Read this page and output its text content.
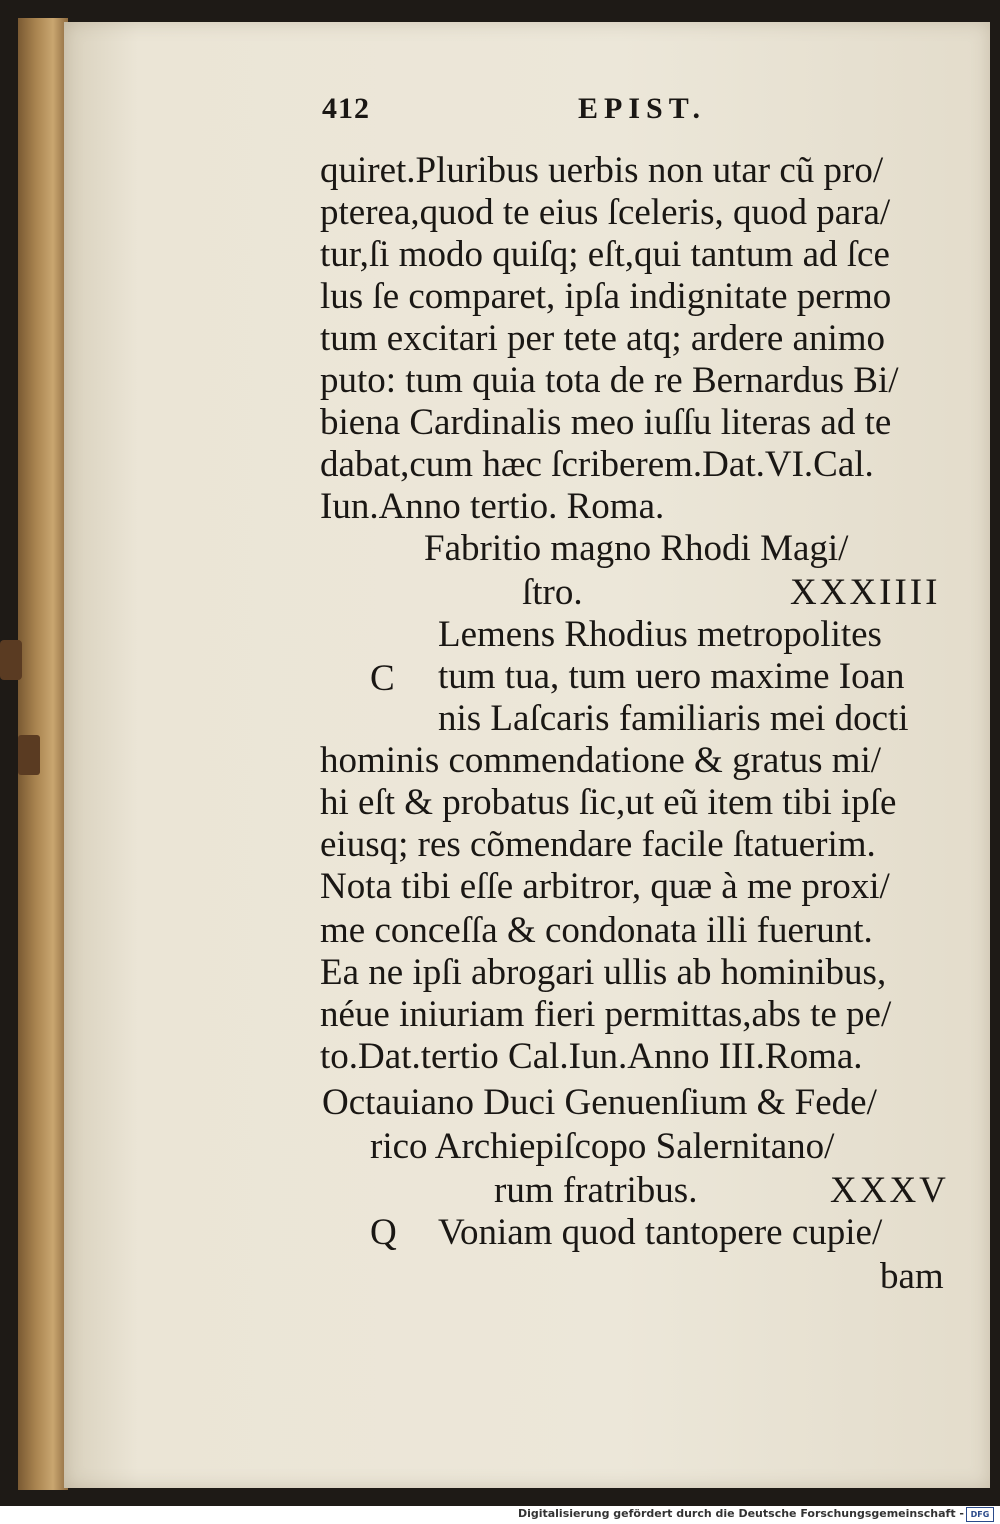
412	EPIST.
quiret.Pluribus uerbis non utar cũ pro/
pterea,quod te eius ſceleris, quod para/
tur,ſi modo quiſq; eſt,qui tantum ad ſce
lus ſe comparet, ipſa indignitate permo
tum excitari per tete atq; ardere animo
puto: tum quia tota de re Bernardus Bi/
biena Cardinalis meo iuſſu literas ad te
dabat,cum hæc ſcriberem.Dat.VI.Cal.
Iun.Anno tertio. Roma.
Fabritio magno Rhodi Magi/
ſtro.	XXXIIII
C
Lemens Rhodius metropolites
tum tua, tum uero maxime Ioan
nis Laſcaris familiaris mei docti
hominis commendatione & gratus mi/
hi eſt & probatus ſic,ut eũ item tibi ipſe
eiusq; res cõmendare facile ſtatuerim.
Nota tibi eſſe arbitror, quæ à me proxi/
me conceſſa & condonata illi fuerunt.
Ea ne ipſi abrogari ullis ab hominibus,
néue iniuriam fieri permittas,abs te pe/
to.Dat.tertio Cal.Iun.Anno III.Roma.
Octauiano Duci Genuenſium & Fede/
rico Archiepiſcopo Salernitano/
rum fratribus.	XXXV
Q Voniam quod tantopere cupie/
bam
Digitalisierung gefördert durch die Deutsche Forschungsgemeinschaft - DFG
